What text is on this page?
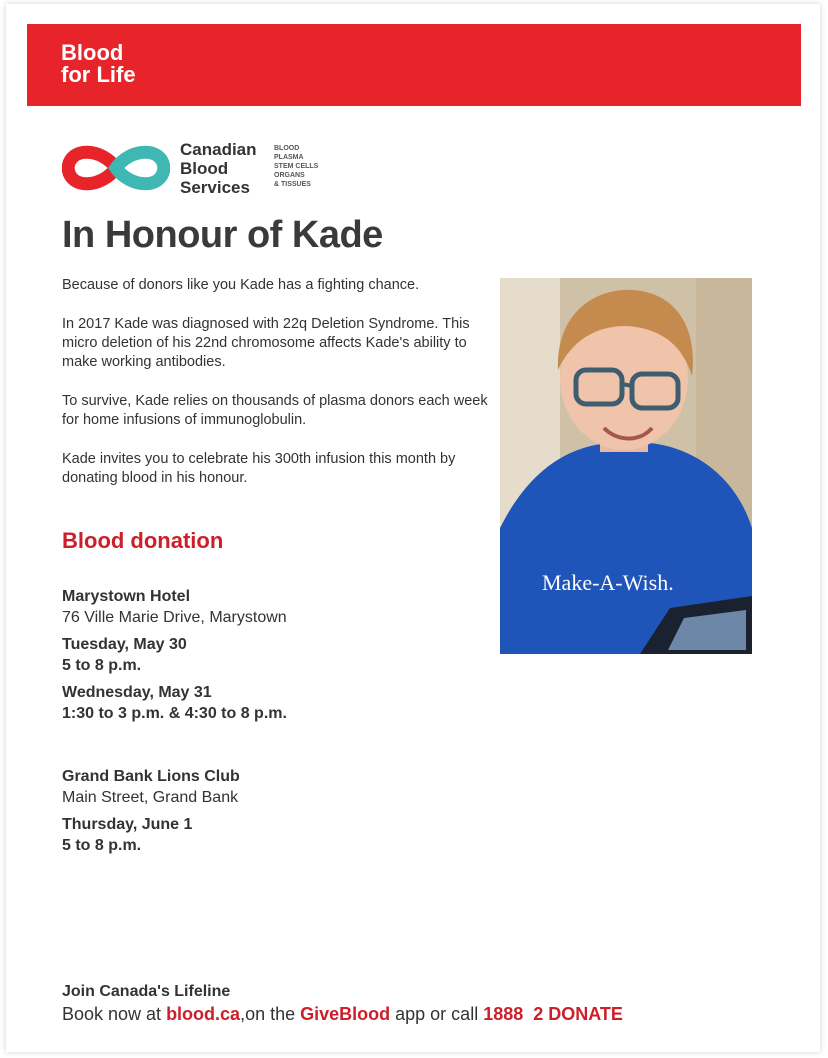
Blood
for Life
Canadian
Blood
Services
BLOOD
PLASMA
STEM CELLS
ORGANS
& TISSUES
In Honour of Kade

Because of donors like you Kade has a fighting chance.

In 2017 Kade was diagnosed with 22q Deletion Syndrome. This micro deletion of his 22nd chromosome affects Kade's ability to make working antibodies.

To survive, Kade relies on thousands of plasma donors each week for home infusions of immunoglobulin.

Kade invites you to celebrate his 300th infusion this month by donating blood in his honour.

Make-A-Wish.
Blood donation
Marystown Hotel
76 Ville Marie Drive, Marystown
Tuesday, May 30
5 to 8 p.m.
Wednesday, May 31
1:30 to 3 p.m. & 4:30 to 8 p.m.
Grand Bank Lions Club
Main Street, Grand Bank
Thursday, June 1
5 to 8 p.m.
Join Canada's Lifeline
Book now at blood.ca,on the GiveBlood app or call 1888  2 DONATE
